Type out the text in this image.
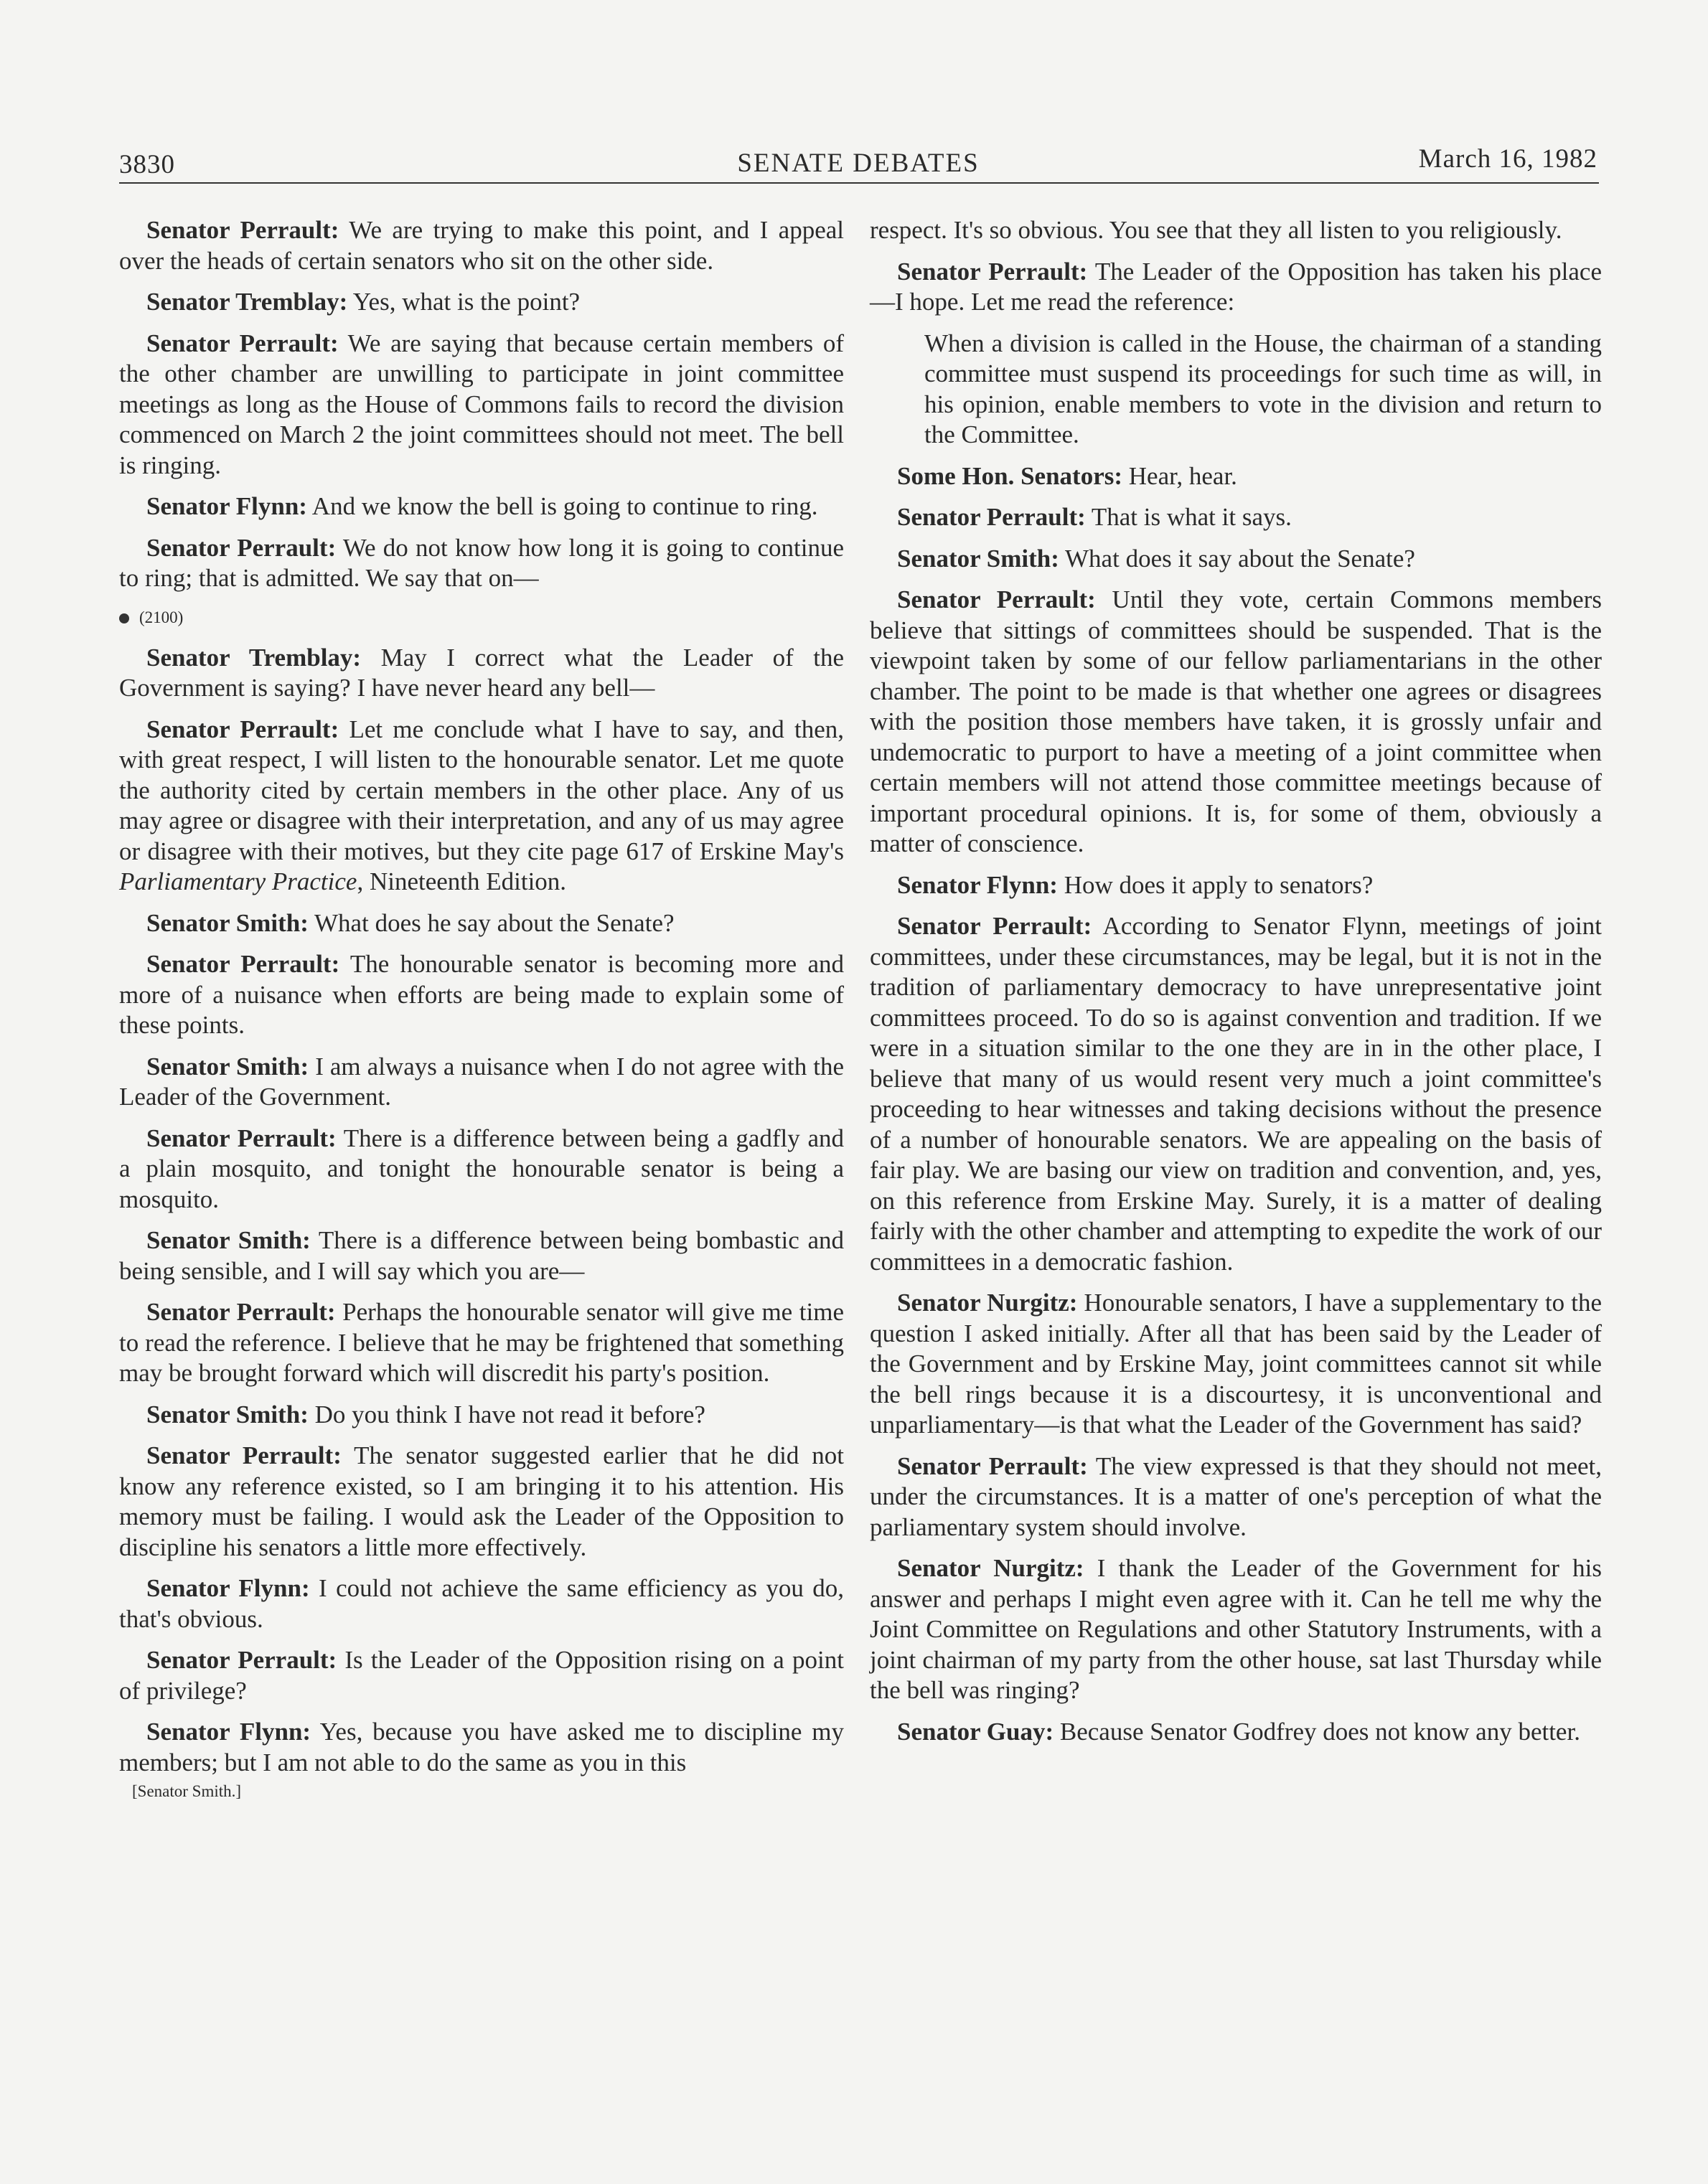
3830	SENATE DEBATES	March 16, 1982

Senator Perrault: We are trying to make this point, and I appeal over the heads of certain senators who sit on the other side.

Senator Tremblay: Yes, what is the point?

Senator Perrault: We are saying that because certain members of the other chamber are unwilling to participate in joint committee meetings as long as the House of Commons fails to record the division commenced on March 2 the joint committees should not meet. The bell is ringing.

Senator Flynn: And we know the bell is going to continue to ring.

Senator Perrault: We do not know how long it is going to continue to ring; that is admitted. We say that on—

(2100)

Senator Tremblay: May I correct what the Leader of the Government is saying? I have never heard any bell—

Senator Perrault: Let me conclude what I have to say, and then, with great respect, I will listen to the honourable senator. Let me quote the authority cited by certain members in the other place. Any of us may agree or disagree with their interpretation, and any of us may agree or disagree with their motives, but they cite page 617 of Erskine May's Parliamentary Practice, Nineteenth Edition.

Senator Smith: What does he say about the Senate?

Senator Perrault: The honourable senator is becoming more and more of a nuisance when efforts are being made to explain some of these points.

Senator Smith: I am always a nuisance when I do not agree with the Leader of the Government.

Senator Perrault: There is a difference between being a gadfly and a plain mosquito, and tonight the honourable senator is being a mosquito.

Senator Smith: There is a difference between being bombastic and being sensible, and I will say which you are—

Senator Perrault: Perhaps the honourable senator will give me time to read the reference. I believe that he may be frightened that something may be brought forward which will discredit his party's position.

Senator Smith: Do you think I have not read it before?

Senator Perrault: The senator suggested earlier that he did not know any reference existed, so I am bringing it to his attention. His memory must be failing. I would ask the Leader of the Opposition to discipline his senators a little more effectively.

Senator Flynn: I could not achieve the same efficiency as you do, that's obvious.

Senator Perrault: Is the Leader of the Opposition rising on a point of privilege?

Senator Flynn: Yes, because you have asked me to discipline my members; but I am not able to do the same as you in this

[Senator Smith.]

respect. It's so obvious. You see that they all listen to you religiously.

Senator Perrault: The Leader of the Opposition has taken his place—I hope. Let me read the reference:

When a division is called in the House, the chairman of a standing committee must suspend its proceedings for such time as will, in his opinion, enable members to vote in the division and return to the Committee.

Some Hon. Senators: Hear, hear.

Senator Perrault: That is what it says.

Senator Smith: What does it say about the Senate?

Senator Perrault: Until they vote, certain Commons members believe that sittings of committees should be suspended. That is the viewpoint taken by some of our fellow parliamentarians in the other chamber. The point to be made is that whether one agrees or disagrees with the position those members have taken, it is grossly unfair and undemocratic to purport to have a meeting of a joint committee when certain members will not attend those committee meetings because of important procedural opinions. It is, for some of them, obviously a matter of conscience.

Senator Flynn: How does it apply to senators?

Senator Perrault: According to Senator Flynn, meetings of joint committees, under these circumstances, may be legal, but it is not in the tradition of parliamentary democracy to have unrepresentative joint committees proceed. To do so is against convention and tradition. If we were in a situation similar to the one they are in in the other place, I believe that many of us would resent very much a joint committee's proceeding to hear witnesses and taking decisions without the presence of a number of honourable senators. We are appealing on the basis of fair play. We are basing our view on tradition and convention, and, yes, on this reference from Erskine May. Surely, it is a matter of dealing fairly with the other chamber and attempting to expedite the work of our committees in a democratic fashion.

Senator Nurgitz: Honourable senators, I have a supplementary to the question I asked initially. After all that has been said by the Leader of the Government and by Erskine May, joint committees cannot sit while the bell rings because it is a discourtesy, it is unconventional and unparliamentary—is that what the Leader of the Government has said?

Senator Perrault: The view expressed is that they should not meet, under the circumstances. It is a matter of one's perception of what the parliamentary system should involve.

Senator Nurgitz: I thank the Leader of the Government for his answer and perhaps I might even agree with it. Can he tell me why the Joint Committee on Regulations and other Statutory Instruments, with a joint chairman of my party from the other house, sat last Thursday while the bell was ringing?

Senator Guay: Because Senator Godfrey does not know any better.
